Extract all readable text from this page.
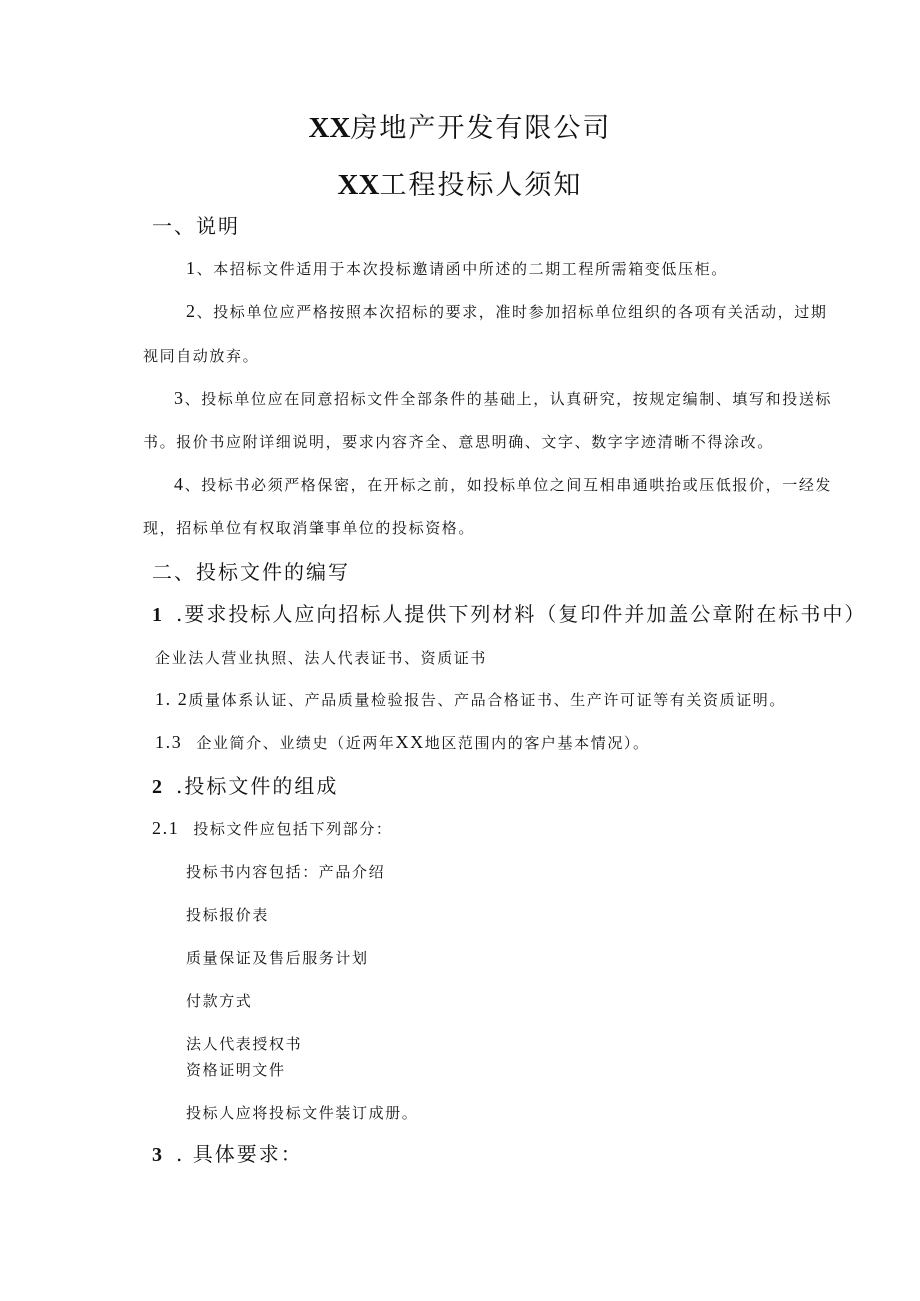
XX房地产开发有限公司
XX工程投标人须知
一、说明
1、本招标文件适用于本次投标邀请函中所述的二期工程所需箱变低压柜。
2、投标单位应严格按照本次招标的要求，准时参加招标单位组织的各项有关活动，过期
视同自动放弃。
3、投标单位应在同意招标文件全部条件的基础上，认真研究，按规定编制、填写和投送标
书。报价书应附详细说明，要求内容齐全、意思明确、文字、数字字迹清晰不得涂改。
4、投标书必须严格保密，在开标之前，如投标单位之间互相串通哄抬或压低报价，一经发
现，招标单位有权取消肇事单位的投标资格。
二、投标文件的编写
1 .要求投标人应向招标人提供下列材料（复印件并加盖公章附在标书中）
企业法人营业执照、法人代表证书、资质证书
1. 2质量体系认证、产品质量检验报告、产品合格证书、生产许可证等有关资质证明。
1.3 企业简介、业绩史（近两年XX地区范围内的客户基本情况）。
2 .投标文件的组成
2.1 投标文件应包括下列部分：
投标书内容包括：产品介绍
投标报价表
质量保证及售后服务计划
付款方式
法人代表授权书
资格证明文件
投标人应将投标文件装订成册。
3 . 具体要求：
